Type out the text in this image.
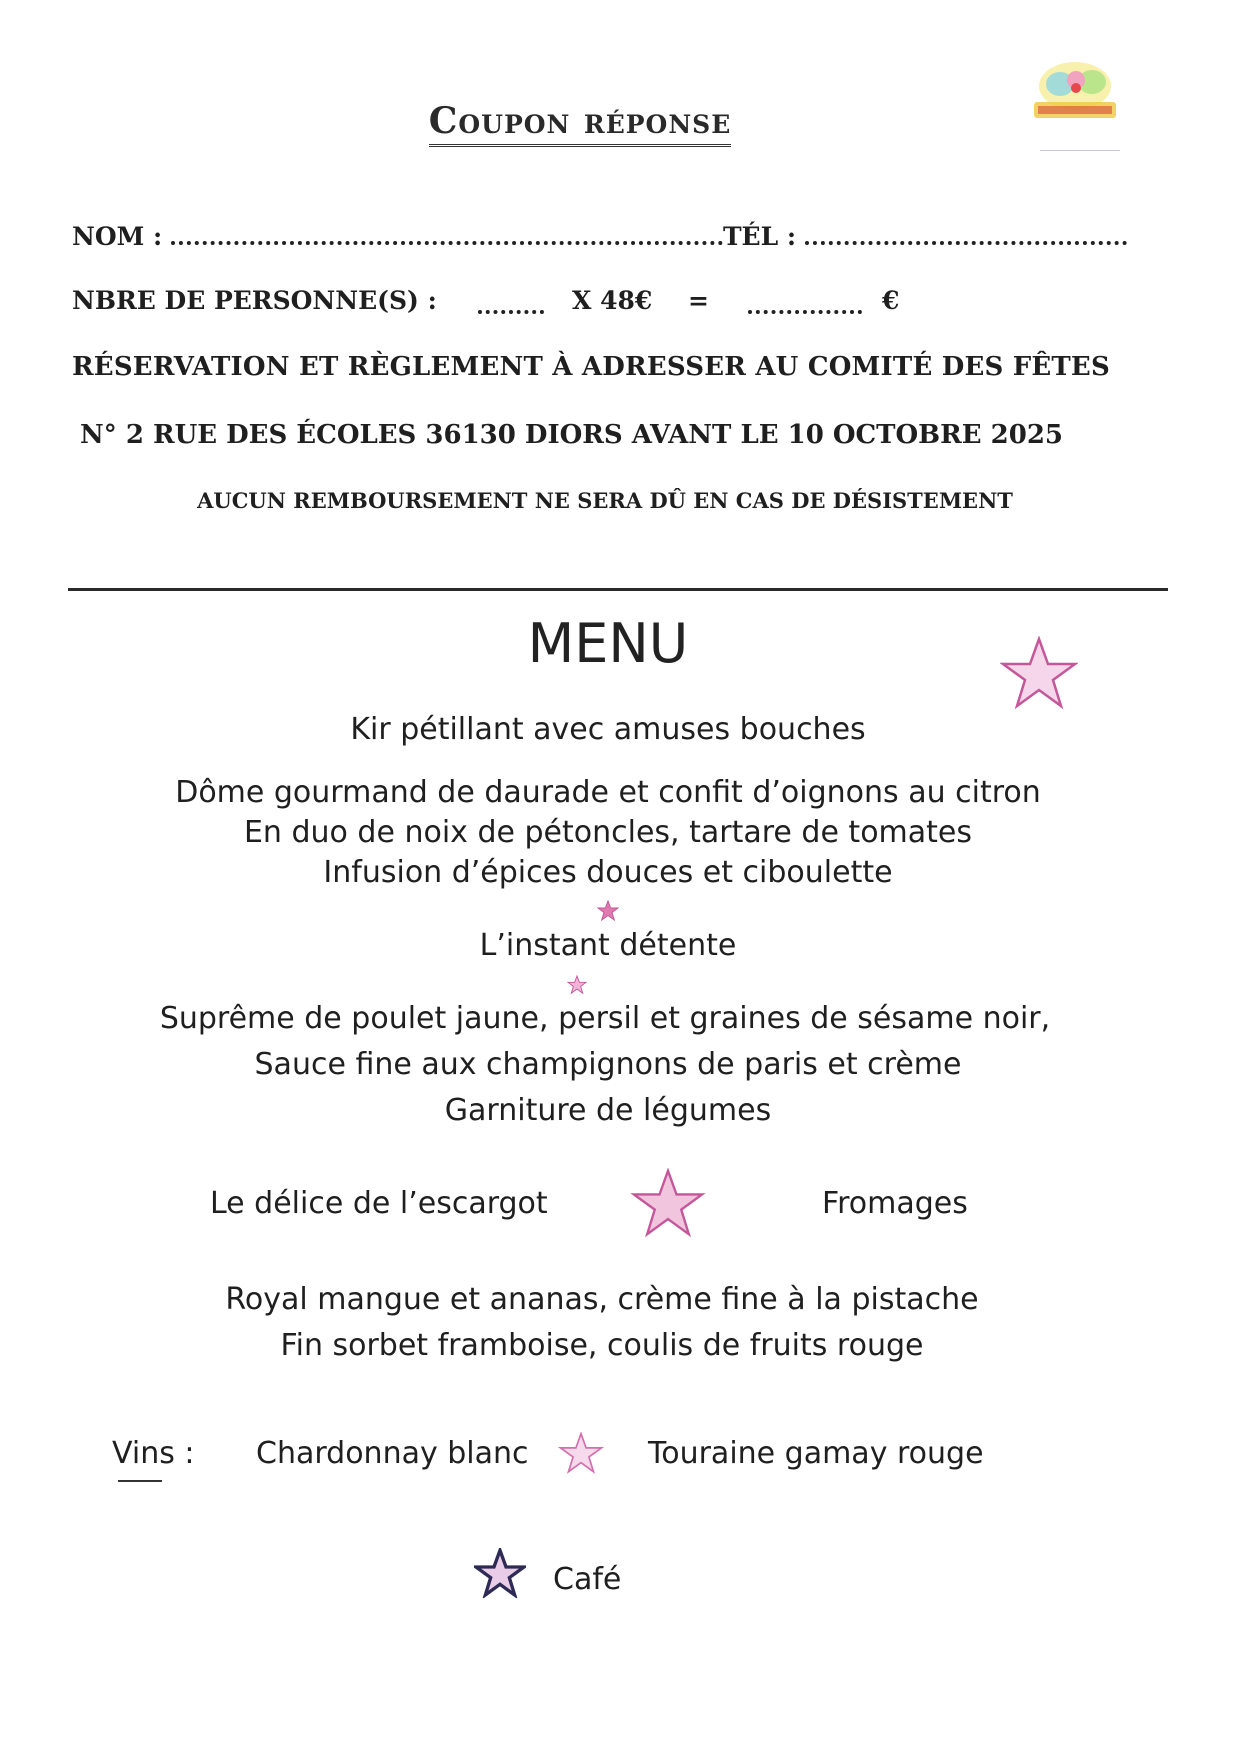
Coupon réponse
NOM :	TÉL :
NBRE DE PERSONNE(S) :	X 48€ =	€
RÉSERVATION ET RÈGLEMENT À ADRESSER AU COMITÉ DES FÊTES
N° 2 RUE DES ÉCOLES 36130 DIORS AVANT LE 10 OCTOBRE 2025
AUCUN REMBOURSEMENT NE SERA DÛ EN CAS DE DÉSISTEMENT
MENU
Kir pétillant avec amuses bouches
Dôme gourmand de daurade et confit d’oignons au citron
En duo de noix de pétoncles, tartare de tomates
Infusion d’épices douces et ciboulette
L’instant détente
Suprême de poulet jaune, persil et graines de sésame noir,
Sauce fine aux champignons de paris et crème
Garniture de légumes
Le délice de l’escargot	Fromages
Royal mangue et ananas, crème fine à la pistache
Fin sorbet framboise, coulis de fruits rouge
Vins : Chardonnay blanc	Touraine gamay rouge
Café
